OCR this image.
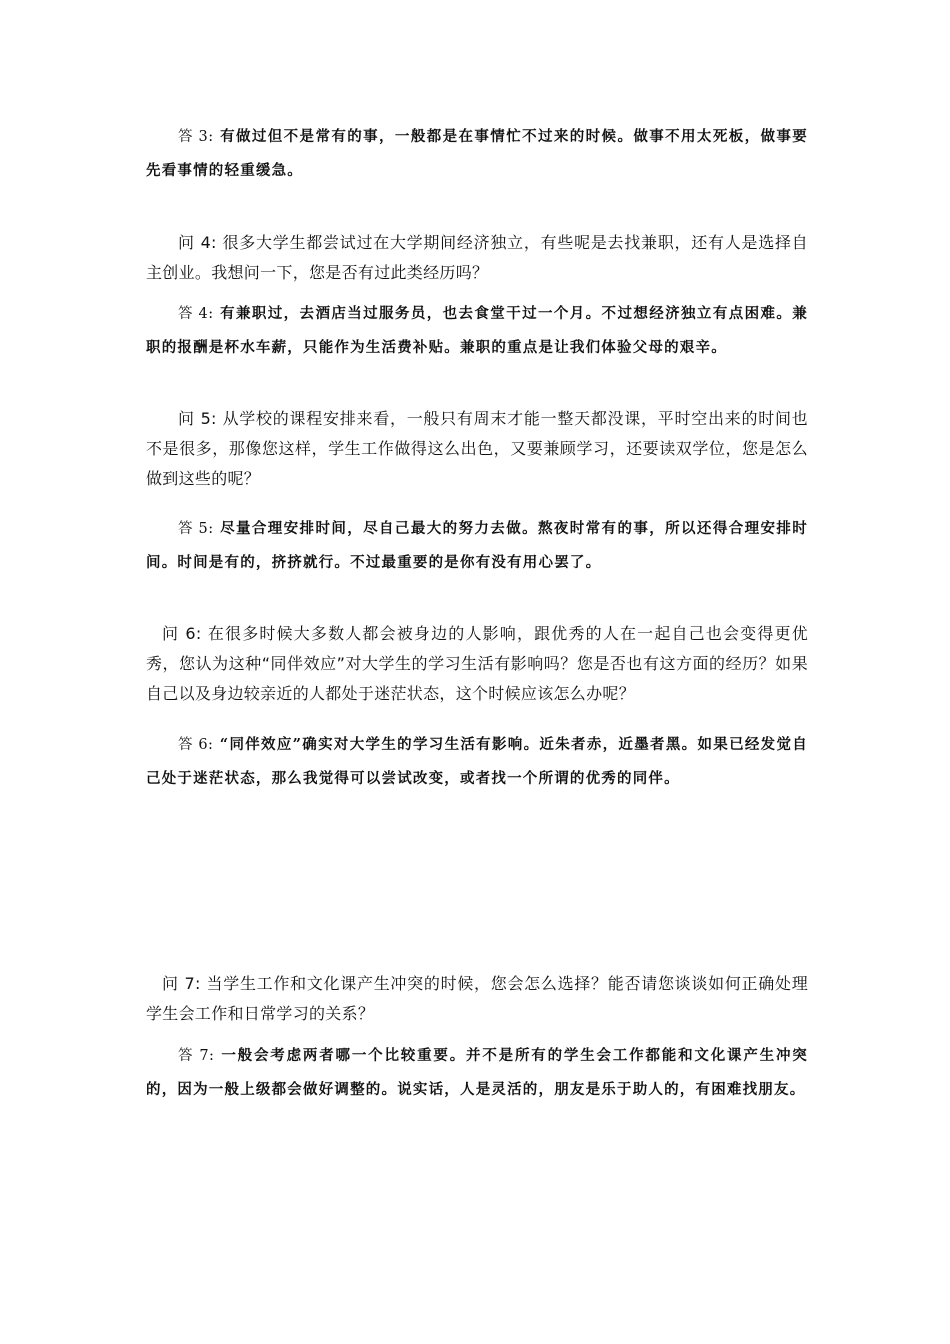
答 3: 有做过但不是常有的事，一般都是在事情忙不过来的时候。做事不用太死板，做事要先看事情的轻重缓急。

问 4: 很多大学生都尝试过在大学期间经济独立，有些呢是去找兼职，还有人是选择自主创业。我想问一下，您是否有过此类经历吗？

答 4: 有兼职过，去酒店当过服务员，也去食堂干过一个月。不过想经济独立有点困难。兼职的报酬是杯水车薪，只能作为生活费补贴。兼职的重点是让我们体验父母的艰辛。

问 5: 从学校的课程安排来看，一般只有周末才能一整天都没课，平时空出来的时间也不是很多，那像您这样，学生工作做得这么出色，又要兼顾学习，还要读双学位，您是怎么做到这些的呢？

答 5: 尽量合理安排时间，尽自己最大的努力去做。熬夜时常有的事，所以还得合理安排时间。时间是有的，挤挤就行。不过最重要的是你有没有用心罢了。

问 6: 在很多时候大多数人都会被身边的人影响，跟优秀的人在一起自己也会变得更优秀，您认为这种“同伴效应”对大学生的学习生活有影响吗？您是否也有这方面的经历？如果自己以及身边较亲近的人都处于迷茫状态，这个时候应该怎么办呢？

答 6: “同伴效应”确实对大学生的学习生活有影响。近朱者赤，近墨者黑。如果已经发觉自己处于迷茫状态，那么我觉得可以尝试改变，或者找一个所谓的优秀的同伴。

问 7: 当学生工作和文化课产生冲突的时候，您会怎么选择？能否请您谈谈如何正确处理学生会工作和日常学习的关系？

答 7: 一般会考虑两者哪一个比较重要。并不是所有的学生会工作都能和文化课产生冲突的，因为一般上级都会做好调整的。说实话，人是灵活的，朋友是乐于助人的，有困难找朋友。
